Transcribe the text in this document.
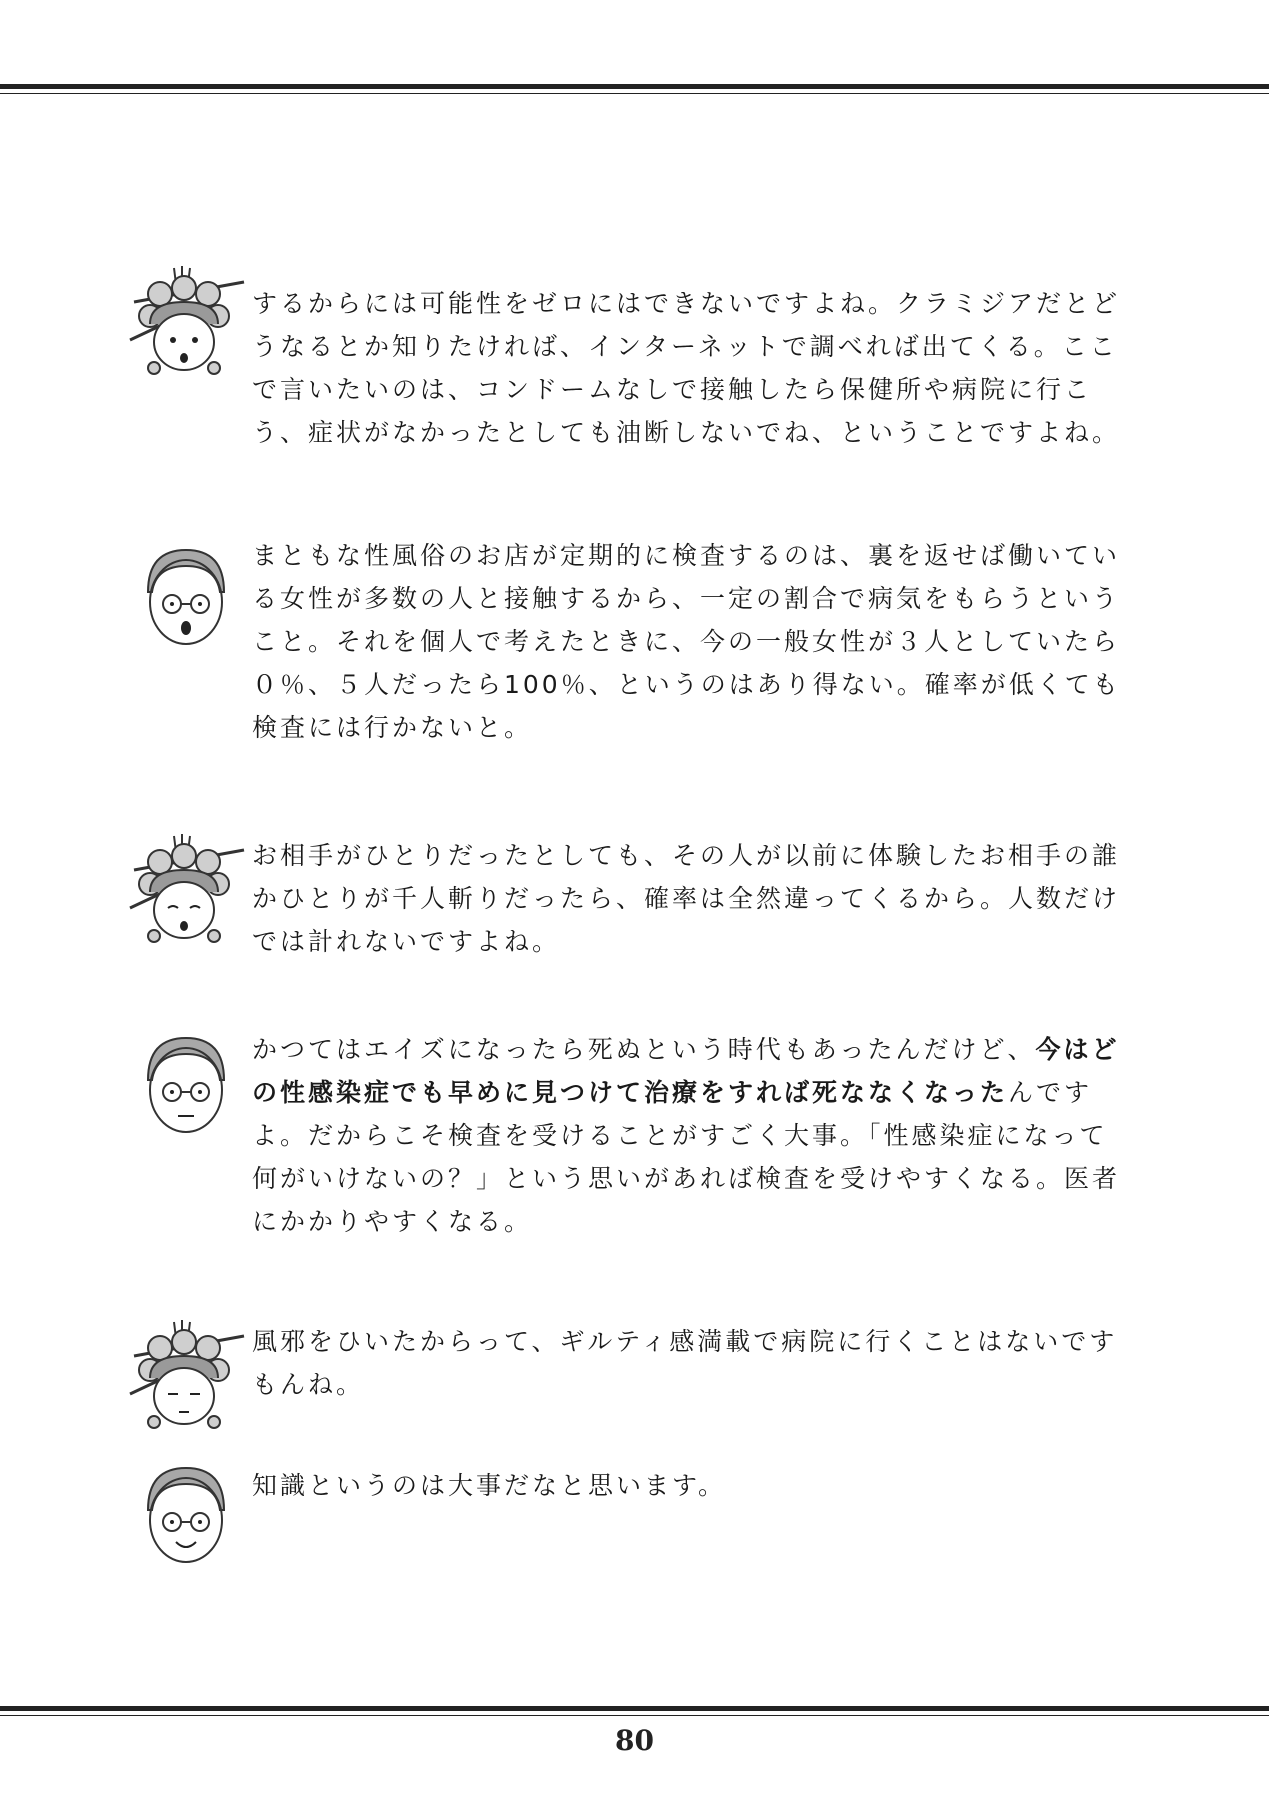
するからには可能性をゼロにはできないですよね。クラミジアだとどうなるとか知りたければ、インターネットで調べれば出てくる。ここで言いたいのは、コンドームなしで接触したら保健所や病院に行こう、症状がなかったとしても油断しないでね、ということですよね。

まともな性風俗のお店が定期的に検査するのは、裏を返せば働いている女性が多数の人と接触するから、一定の割合で病気をもらうということ。それを個人で考えたときに、今の一般女性が３人としていたら０％、５人だったら100％、というのはあり得ない。確率が低くても検査には行かないと。

お相手がひとりだったとしても、その人が以前に体験したお相手の誰かひとりが千人斬りだったら、確率は全然違ってくるから。人数だけでは計れないですよね。

かつてはエイズになったら死ぬという時代もあったんだけど、今はどの性感染症でも早めに見つけて治療をすれば死ななくなったんですよ。だからこそ検査を受けることがすごく大事。「性感染症になって何がいけないの？」という思いがあれば検査を受けやすくなる。医者にかかりやすくなる。

風邪をひいたからって、ギルティ感満載で病院に行くことはないですもんね。

知識というのは大事だなと思います。

80
